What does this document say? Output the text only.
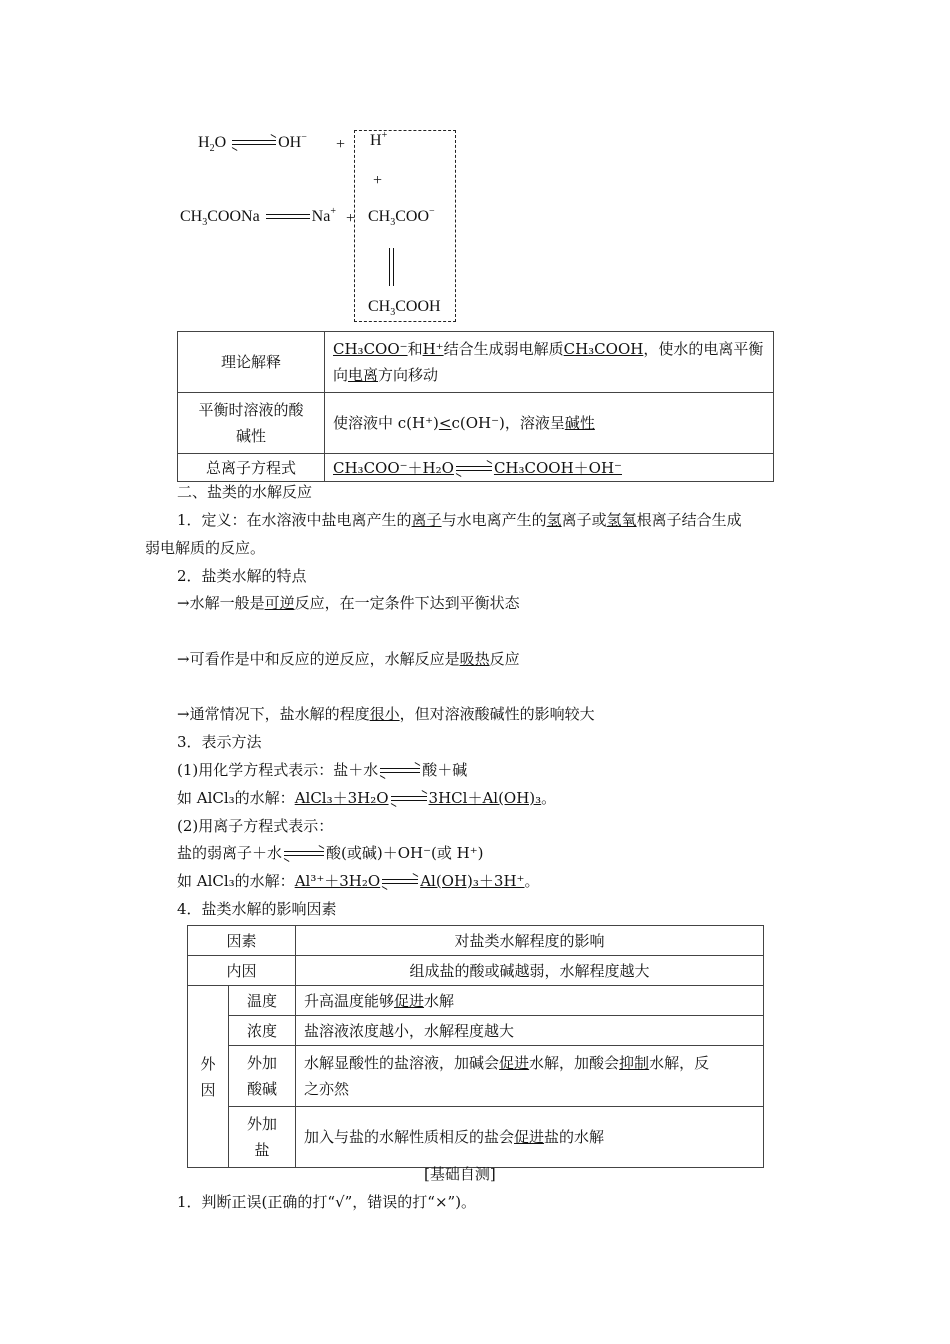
$H_2O$	OH− + H+
+
$CH_3COONa$	$Na^+ + CH_3COO^-$
$CH_3COOH$
理论解释	CH₃COO⁻和H⁺结合生成弱电解质CH₃COOH，使水的电离平衡
向电离方向移动
平衡时溶液的酸
碱性	使溶液中 c(H⁺)<c(OH⁻)，溶液呈碱性
总离子方程式	CH₃COO⁻＋H₂O CH₃COOH＋OH⁻
二、盐类的水解反应
1．定义：在水溶液中盐电离产生的离子与水电离产生的氢离子或氢氧根离子结合生成
弱电解质的反应。
2．盐类水解的特点
→水解一般是可逆反应，在一定条件下达到平衡状态
→可看作是中和反应的逆反应，水解反应是吸热反应
→通常情况下，盐水解的程度很小，但对溶液酸碱性的影响较大
3．表示方法
(1)用化学方程式表示：盐＋水	酸＋碱
如 AlCl₃的水解：AlCl₃＋3H₂O	3HCl＋Al(OH)₃。
(2)用离子方程式表示：
盐的弱离子＋水	酸(或碱)＋OH⁻(或 H⁺)
如 AlCl₃的水解：Al³⁺＋3H₂O	Al(OH)₃＋3H⁺。
4．盐类水解的影响因素
因素		对盐类水解程度的影响
内因		组成盐的酸或碱越弱，水解程度越大
外
因	温度	升高温度能够促进水解
	浓度	盐溶液浓度越小，水解程度越大
	外加
酸碱	水解显酸性的盐溶液，加碱会促进水解，加酸会抑制水解，反
之亦然
	外加
盐	加入与盐的水解性质相反的盐会促进盐的水解
[基础自测]
1．判断正误(正确的打“√”，错误的打“×”)。
